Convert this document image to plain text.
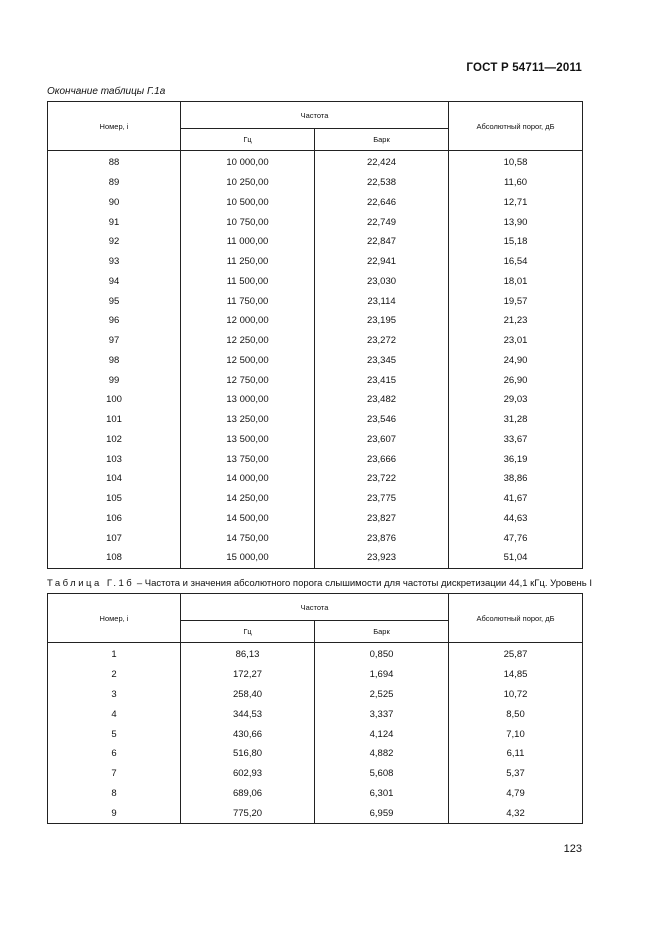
ГОСТ Р 54711—2011
Окончание таблицы Г.1а
Номер, i	Частота		Абсолютный порог, дБ
	Гц	Барк	
88	10 000,00	22,424	10,58
89	10 250,00	22,538	11,60
90	10 500,00	22,646	12,71
91	10 750,00	22,749	13,90
92	11 000,00	22,847	15,18
93	11 250,00	22,941	16,54
94	11 500,00	23,030	18,01
95	11 750,00	23,114	19,57
96	12 000,00	23,195	21,23
97	12 250,00	23,272	23,01
98	12 500,00	23,345	24,90
99	12 750,00	23,415	26,90
100	13 000,00	23,482	29,03
101	13 250,00	23,546	31,28
102	13 500,00	23,607	33,67
103	13 750,00	23,666	36,19
104	14 000,00	23,722	38,86
105	14 250,00	23,775	41,67
106	14 500,00	23,827	44,63
107	14 750,00	23,876	47,76
108	15 000,00	23,923	51,04
Таблица Г.1б – Частота и значения абсолютного порога слышимости для частоты дискретизации 44,1 кГц. Уровень I
Номер, i	Частота		Абсолютный порог, дБ
	Гц	Барк	
1	86,13	0,850	25,87
2	172,27	1,694	14,85
3	258,40	2,525	10,72
4	344,53	3,337	8,50
5	430,66	4,124	7,10
6	516,80	4,882	6,11
7	602,93	5,608	5,37
8	689,06	6,301	4,79
9	775,20	6,959	4,32
123
